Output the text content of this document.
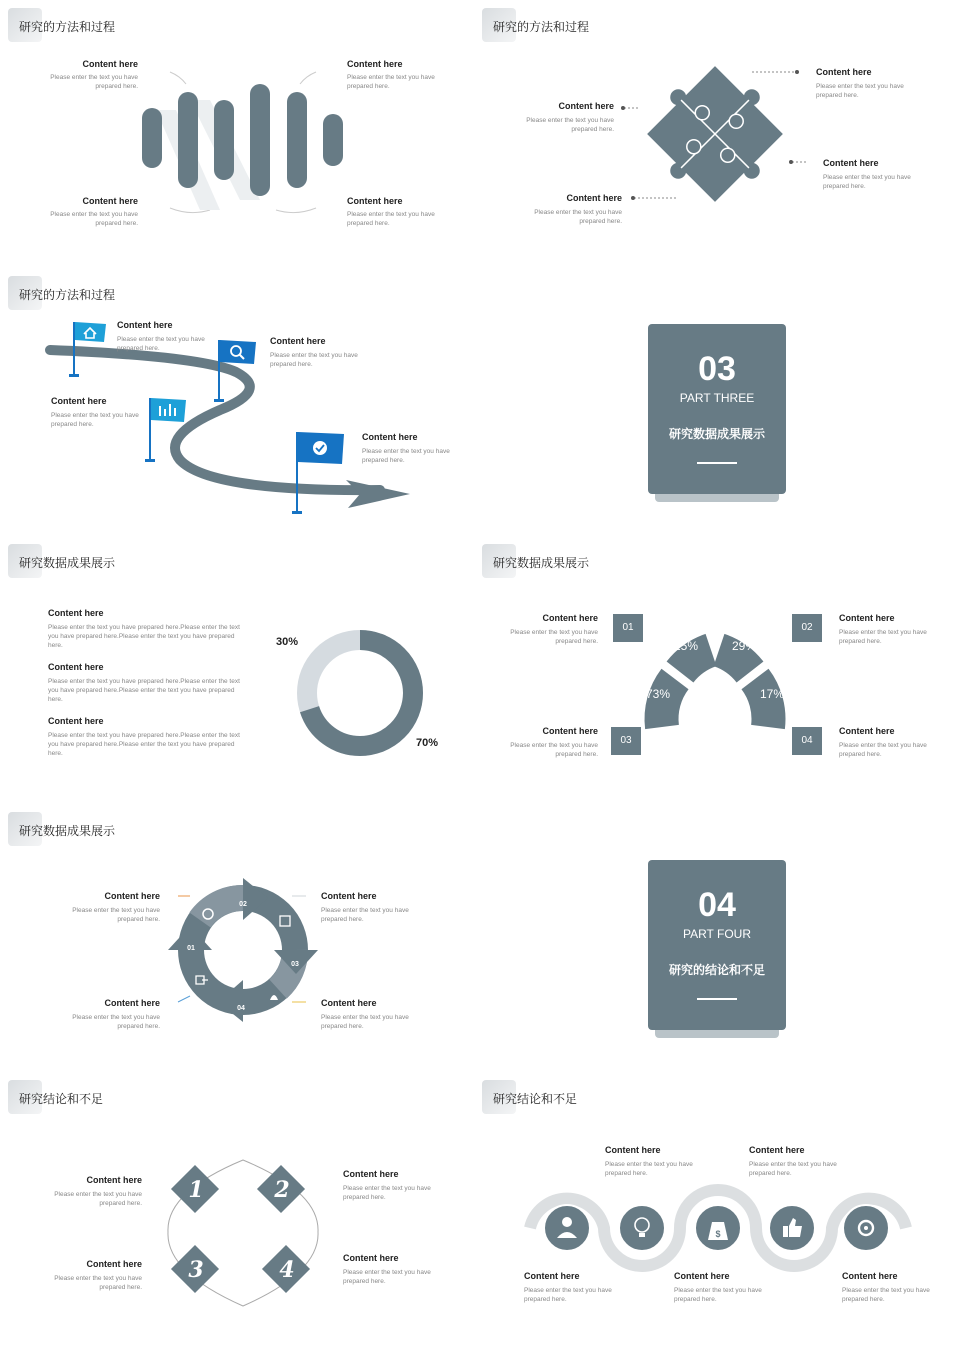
研究的方法和过程
Content here
Please enter the text you have prepared here.
Content here
Please enter the text you have prepared here.
Content here
Please enter the text you have prepared here.
Content here
Please enter the text you have prepared here.
研究的方法和过程
Content here
Please enter the text you have prepared here.
Content here
Please enter the text you have prepared here.
Content here
Please enter the text you have prepared here.
Content here
Please enter the text you have prepared here.
研究的方法和过程
Content here
Please enter the text you have prepared here.
Content here
Please enter the text you have prepared here.
Content here
Please enter the text you have prepared here.
Content here
Please enter the text you have prepared here.
03
PART THREE
研究数据成果展示
研究数据成果展示
Content here
Please enter the text you have prepared here.Please enter the text you have prepared here.Please enter the text you have prepared here.
Content here
Please enter the text you have prepared here.Please enter the text you have prepared here.Please enter the text you have prepared here.
Content here
Please enter the text you have prepared here.Please enter the text you have prepared here.Please enter the text you have prepared here.
30%
70%
研究数据成果展示
25%	29%
73%	17%
01	02
03	04
Content here
Please enter the text you have prepared here.
Content here
Please enter the text you have prepared here.
Content here
Please enter the text you have prepared here.
Content here
Please enter the text you have prepared here.
研究数据成果展示
02
03
04
01
Content here
Please enter the text you have prepared here.
Content here
Please enter the text you have prepared here.
Content here
Please enter the text you have prepared here.
Content here
Please enter the text you have prepared here.
04
PART FOUR
研究的结论和不足
研究结论和不足
1	2
3	4
Content here
Please enter the text you have prepared here.
Content here
Please enter the text you have prepared here.
Content here
Please enter the text you have prepared here.
Content here
Please enter the text you have prepared here.
研究结论和不足
$
Content here
Please enter the text you have prepared here.
Content here
Please enter the text you have prepared here.
Content here
Please enter the text you have prepared here.
Content here
Please enter the text you have prepared here.
Content here
Please enter the text you have prepared here.
